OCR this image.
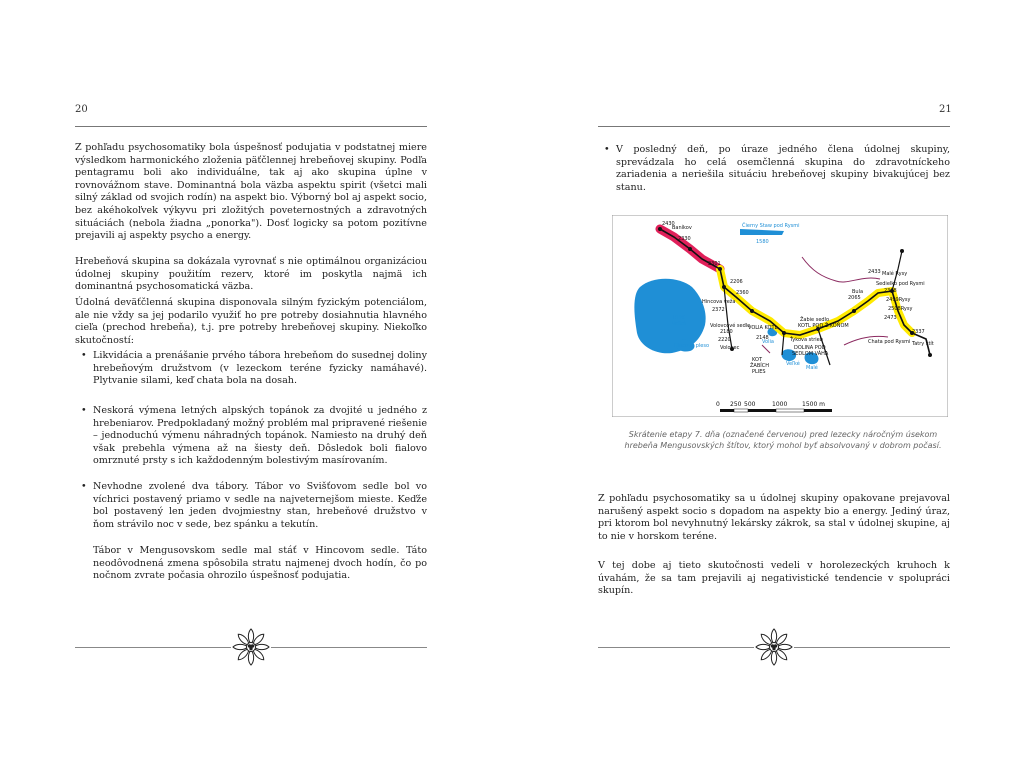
20
Z pohľadu psychosomatiky bola úspešnosť podujatia v podstatnej miere výsledkom harmonického zloženia päťčlennej hrebeňovej skupiny. Podľa pentagramu boli ako individuálne, tak aj ako skupina úplne v rovnovážnom stave. Dominantná bola väzba aspektu spirit (všetci mali silný základ od svojich rodín) na aspekt bio. Výborný bol aj aspekt socio, bez akéhokoľvek výkyvu pri zložitých poveternostných a zdravotných situáciách (nebola žiadna „ponorka"). Dosť logicky sa potom pozitívne prejavili aj aspekty psycho a energy.
Hrebeňová skupina sa dokázala vyrovnať s nie optimálnou organizáciou údolnej skupiny použitím rezerv, ktoré im poskytla najmä ich dominantná psychosomatická väzba.
Údolná deväťčlenná skupina disponovala silným fyzickým potenciálom, ale nie vždy sa jej podarilo využiť ho pre potreby dosiahnutia hlavného cieľa (prechod hrebeňa), t.j. pre potreby hrebeňovej skupiny. Niekoľko skutočností:
• Likvidácia a prenášanie prvého tábora hrebeňom do susednej doliny hrebeňovým družstvom (v lezeckom teréne fyzicky namáhavé). Plytvanie silami, keď chata bola na dosah.
• Neskorá výmena letných alpských topánok za dvojité u jedného z hrebeniarov. Predpokladaný možný problém mal pripravené riešenie – jednoduchú výmenu náhradných topánok. Namiesto na druhý deň však prebehla výmena až na šiesty deň. Dôsledok boli fialovo omrznuté prsty s ich každodenným bolestivým masírovaním.
• Nevhodne zvolené dva tábory. Tábor vo Svišťovom sedle bol vo víchrici postavený priamo v sedle na najveternejšom mieste. Keďže bol postavený len jeden dvojmiestny stan, hrebeňové družstvo v ňom strávilo noc v sede, bez spánku a tekutín.
Tábor v Mengusovskom sedle mal stáť v Hincovom sedle. Táto neodôvodnená zmena spôsobila stratu najmenej dvoch hodín, čo po nočnom zvrate počasia ohrozilo úspešnosť podujatia.
21
• V posledný deň, po úraze jedného člena údolnej skupiny, sprevádzala ho celá osemčlenná skupina do zdravotníckeho zariadenia a neriešila situáciu hrebeňovej skupiny bivakujúcej bez stanu.
2430
Baníkov
2330
2301
2206
2360
Hincova veža
2372
Volovcové sedlo
2180
2220
Volovec
VOLIA KOTL
2148
KOT
ŽABÍCH
PLIES
Ťykova strieb
DOLINA POD
SEDLOM VÁHA
Žabie sedlo
KOTL POD Ž.KOŇOM
Čierny Staw pod Rysmi
1580
2433 Malé Rysy
Sedielko pod Rysmi
2368
Bula
2065	2499Rysy
2508Rysy
2473
2337
Chata pod Rysmi Tatry štít
1946
Veľké
Hincovo pleso
Malé
Veľké
Volia
0 250 500	1000 1500 m
Skrátenie etapy 7. dňa (označené červenou) pred lezecky náročným úsekom hrebeňa Mengusovských štítov, ktorý mohol byť absolvovaný v dobrom počasí.
Z pohľadu psychosomatiky sa u údolnej skupiny opakovane prejavoval narušený aspekt socio s dopadom na aspekty bio a energy. Jediný úraz, pri ktorom bol nevyhnutný lekársky zákrok, sa stal v údolnej skupine, aj to nie v horskom teréne.
V tej dobe aj tieto skutočnosti vedeli v horolezeckých kruhoch k úvahám, že sa tam prejavili aj negativistické tendencie v spolupráci skupín.
